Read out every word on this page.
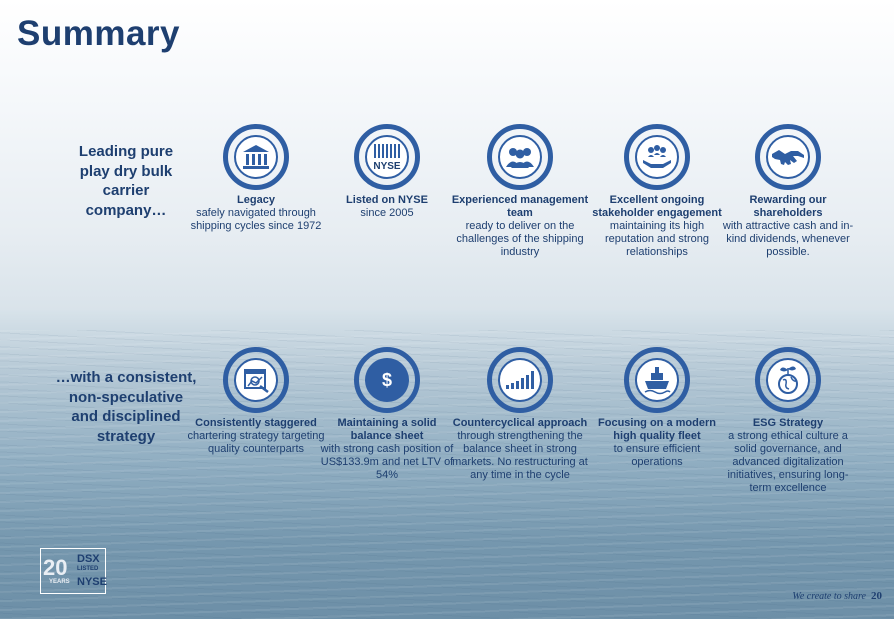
Summary
Leading pure play dry bulk carrier company…
…with a consistent, non-speculative and disciplined strategy
Legacy
safely navigated through shipping cycles since 1972
NYSE
Listed on NYSE
since 2005
Experienced management team
ready to deliver on the challenges of the shipping industry
Excellent ongoing stakeholder engagement
maintaining its high reputation and strong relationships
Rewarding our shareholders
with attractive cash and in-kind dividends, whenever possible.
Consistently staggered
chartering strategy targeting quality counterparts
$
Maintaining a solid balance sheet
with strong cash position of US$133.9m and net LTV of 54%
Countercyclical approach
through strengthening the balance sheet in strong markets. No restructuring at any time in the cycle
Focusing on a modern high quality fleet
to ensure efficient operations
ESG Strategy
a strong ethical culture a solid governance, and advanced digitalization initiatives, ensuring long-term excellence
20
YEARS
DSX
LISTED
NYSE
We create to share 20
